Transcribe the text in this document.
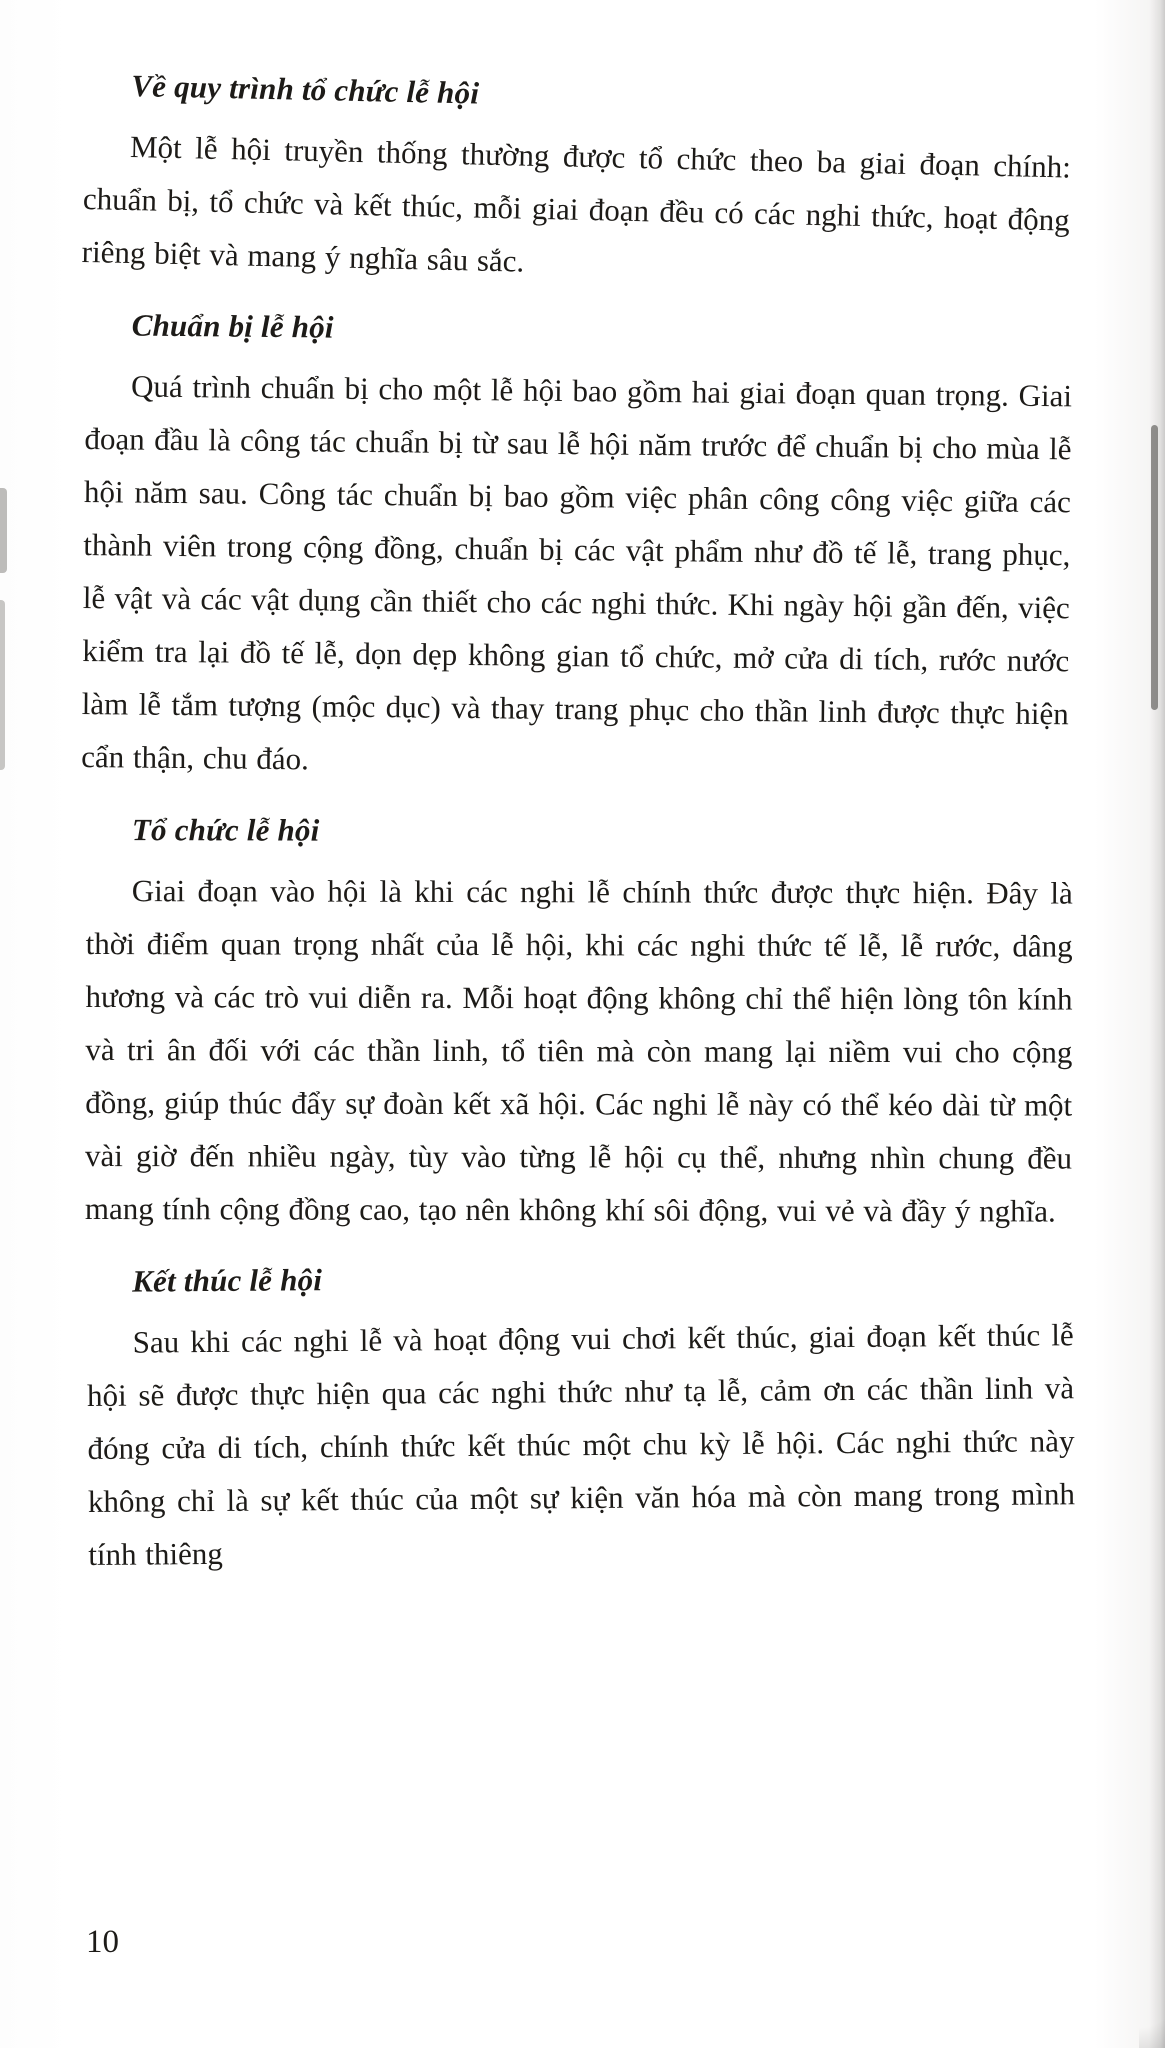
Về quy trình tổ chức lễ hội

Một lễ hội truyền thống thường được tổ chức theo ba giai đoạn chính: chuẩn bị, tổ chức và kết thúc, mỗi giai đoạn đều có các nghi thức, hoạt động riêng biệt và mang ý nghĩa sâu sắc.

Chuẩn bị lễ hội

Quá trình chuẩn bị cho một lễ hội bao gồm hai giai đoạn quan trọng. Giai đoạn đầu là công tác chuẩn bị từ sau lễ hội năm trước để chuẩn bị cho mùa lễ hội năm sau. Công tác chuẩn bị bao gồm việc phân công công việc giữa các thành viên trong cộng đồng, chuẩn bị các vật phẩm như đồ tế lễ, trang phục, lễ vật và các vật dụng cần thiết cho các nghi thức. Khi ngày hội gần đến, việc kiểm tra lại đồ tế lễ, dọn dẹp không gian tổ chức, mở cửa di tích, rước nước làm lễ tắm tượng (mộc dục) và thay trang phục cho thần linh được thực hiện cẩn thận, chu đáo.

Tổ chức lễ hội

Giai đoạn vào hội là khi các nghi lễ chính thức được thực hiện. Đây là thời điểm quan trọng nhất của lễ hội, khi các nghi thức tế lễ, lễ rước, dâng hương và các trò vui diễn ra. Mỗi hoạt động không chỉ thể hiện lòng tôn kính và tri ân đối với các thần linh, tổ tiên mà còn mang lại niềm vui cho cộng đồng, giúp thúc đẩy sự đoàn kết xã hội. Các nghi lễ này có thể kéo dài từ một vài giờ đến nhiều ngày, tùy vào từng lễ hội cụ thể, nhưng nhìn chung đều mang tính cộng đồng cao, tạo nên không khí sôi động, vui vẻ và đầy ý nghĩa.

Kết thúc lễ hội

Sau khi các nghi lễ và hoạt động vui chơi kết thúc, giai đoạn kết thúc lễ hội sẽ được thực hiện qua các nghi thức như tạ lễ, cảm ơn các thần linh và đóng cửa di tích, chính thức kết thúc một chu kỳ lễ hội. Các nghi thức này không chỉ là sự kết thúc của một sự kiện văn hóa mà còn mang trong mình tính thiêng

10
